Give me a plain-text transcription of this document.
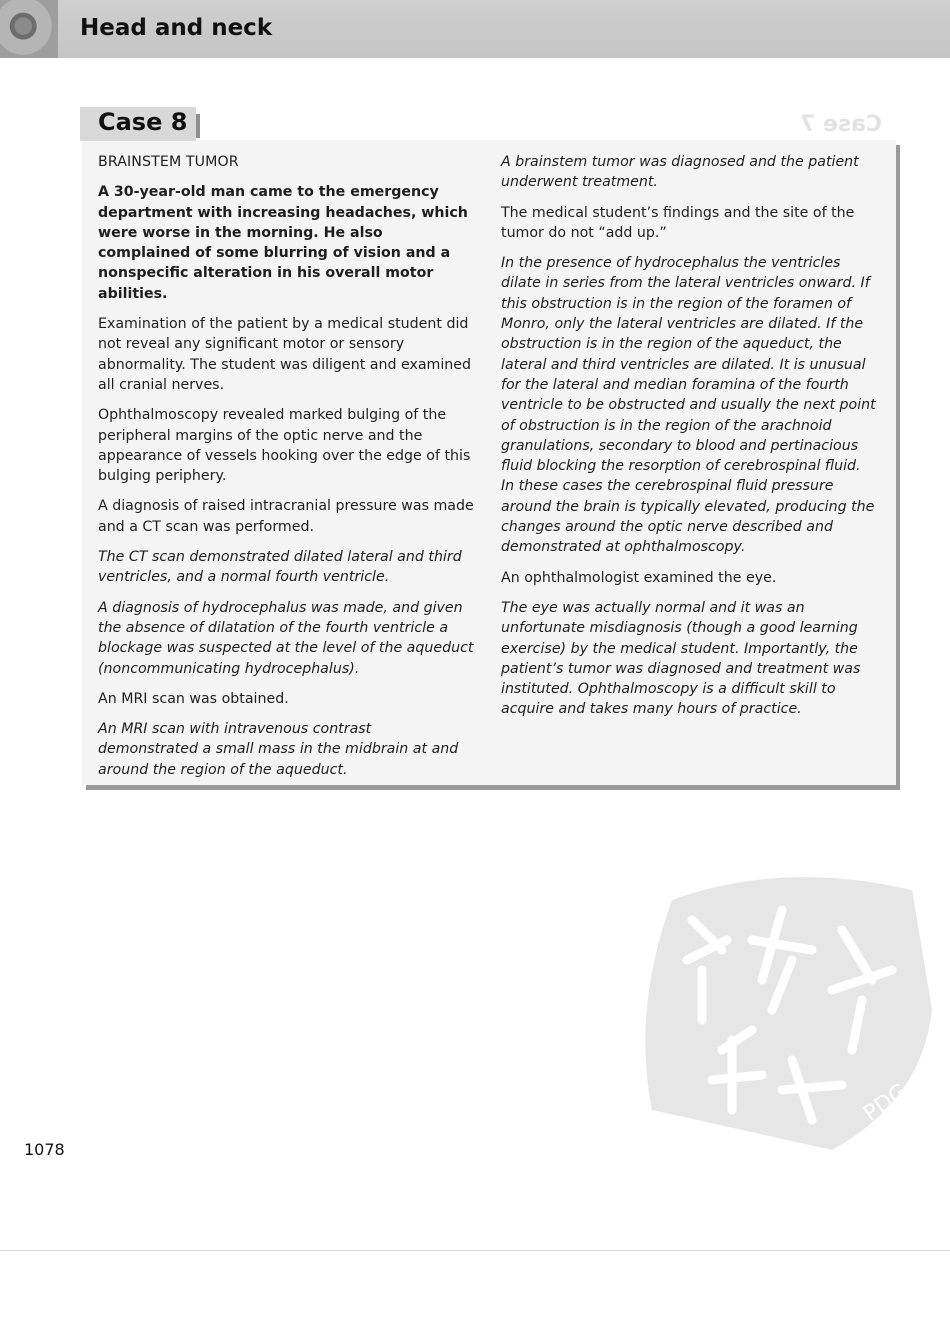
Head and neck
Case 8	Case 7

BRAINSTEM TUMOR

A 30-year-old man came to the emergency department with increasing headaches, which were worse in the morning. He also complained of some blurring of vision and a nonspecific alteration in his overall motor abilities.

Examination of the patient by a medical student did not reveal any significant motor or sensory abnormality. The student was diligent and examined all cranial nerves.

Ophthalmoscopy revealed marked bulging of the peripheral margins of the optic nerve and the appearance of vessels hooking over the edge of this bulging periphery.

A diagnosis of raised intracranial pressure was made and a CT scan was performed.

The CT scan demonstrated dilated lateral and third ventricles, and a normal fourth ventricle.

A diagnosis of hydrocephalus was made, and given the absence of dilatation of the fourth ventricle a blockage was suspected at the level of the aqueduct (noncommunicating hydrocephalus).

An MRI scan was obtained.

An MRI scan with intravenous contrast demonstrated a small mass in the midbrain at and around the region of the aqueduct.

A brainstem tumor was diagnosed and the patient underwent treatment.

The medical student’s findings and the site of the tumor do not “add up.”

In the presence of hydrocephalus the ventricles dilate in series from the lateral ventricles onward. If this obstruction is in the region of the foramen of Monro, only the lateral ventricles are dilated. If the obstruction is in the region of the aqueduct, the lateral and third ventricles are dilated. It is unusual for the lateral and median foramina of the fourth ventricle to be obstructed and usually the next point of obstruction is in the region of the arachnoid granulations, secondary to blood and pertinacious fluid blocking the resorption of cerebrospinal fluid. In these cases the cerebrospinal fluid pressure around the brain is typically elevated, producing the changes around the optic nerve described and demonstrated at ophthalmoscopy.

An ophthalmologist examined the eye.

The eye was actually normal and it was an unfortunate misdiagnosis (though a good learning exercise) by the medical student. Importantly, the patient’s tumor was diagnosed and treatment was instituted. Ophthalmoscopy is a difficult skill to acquire and takes many hours of practice.

1078
PDG
